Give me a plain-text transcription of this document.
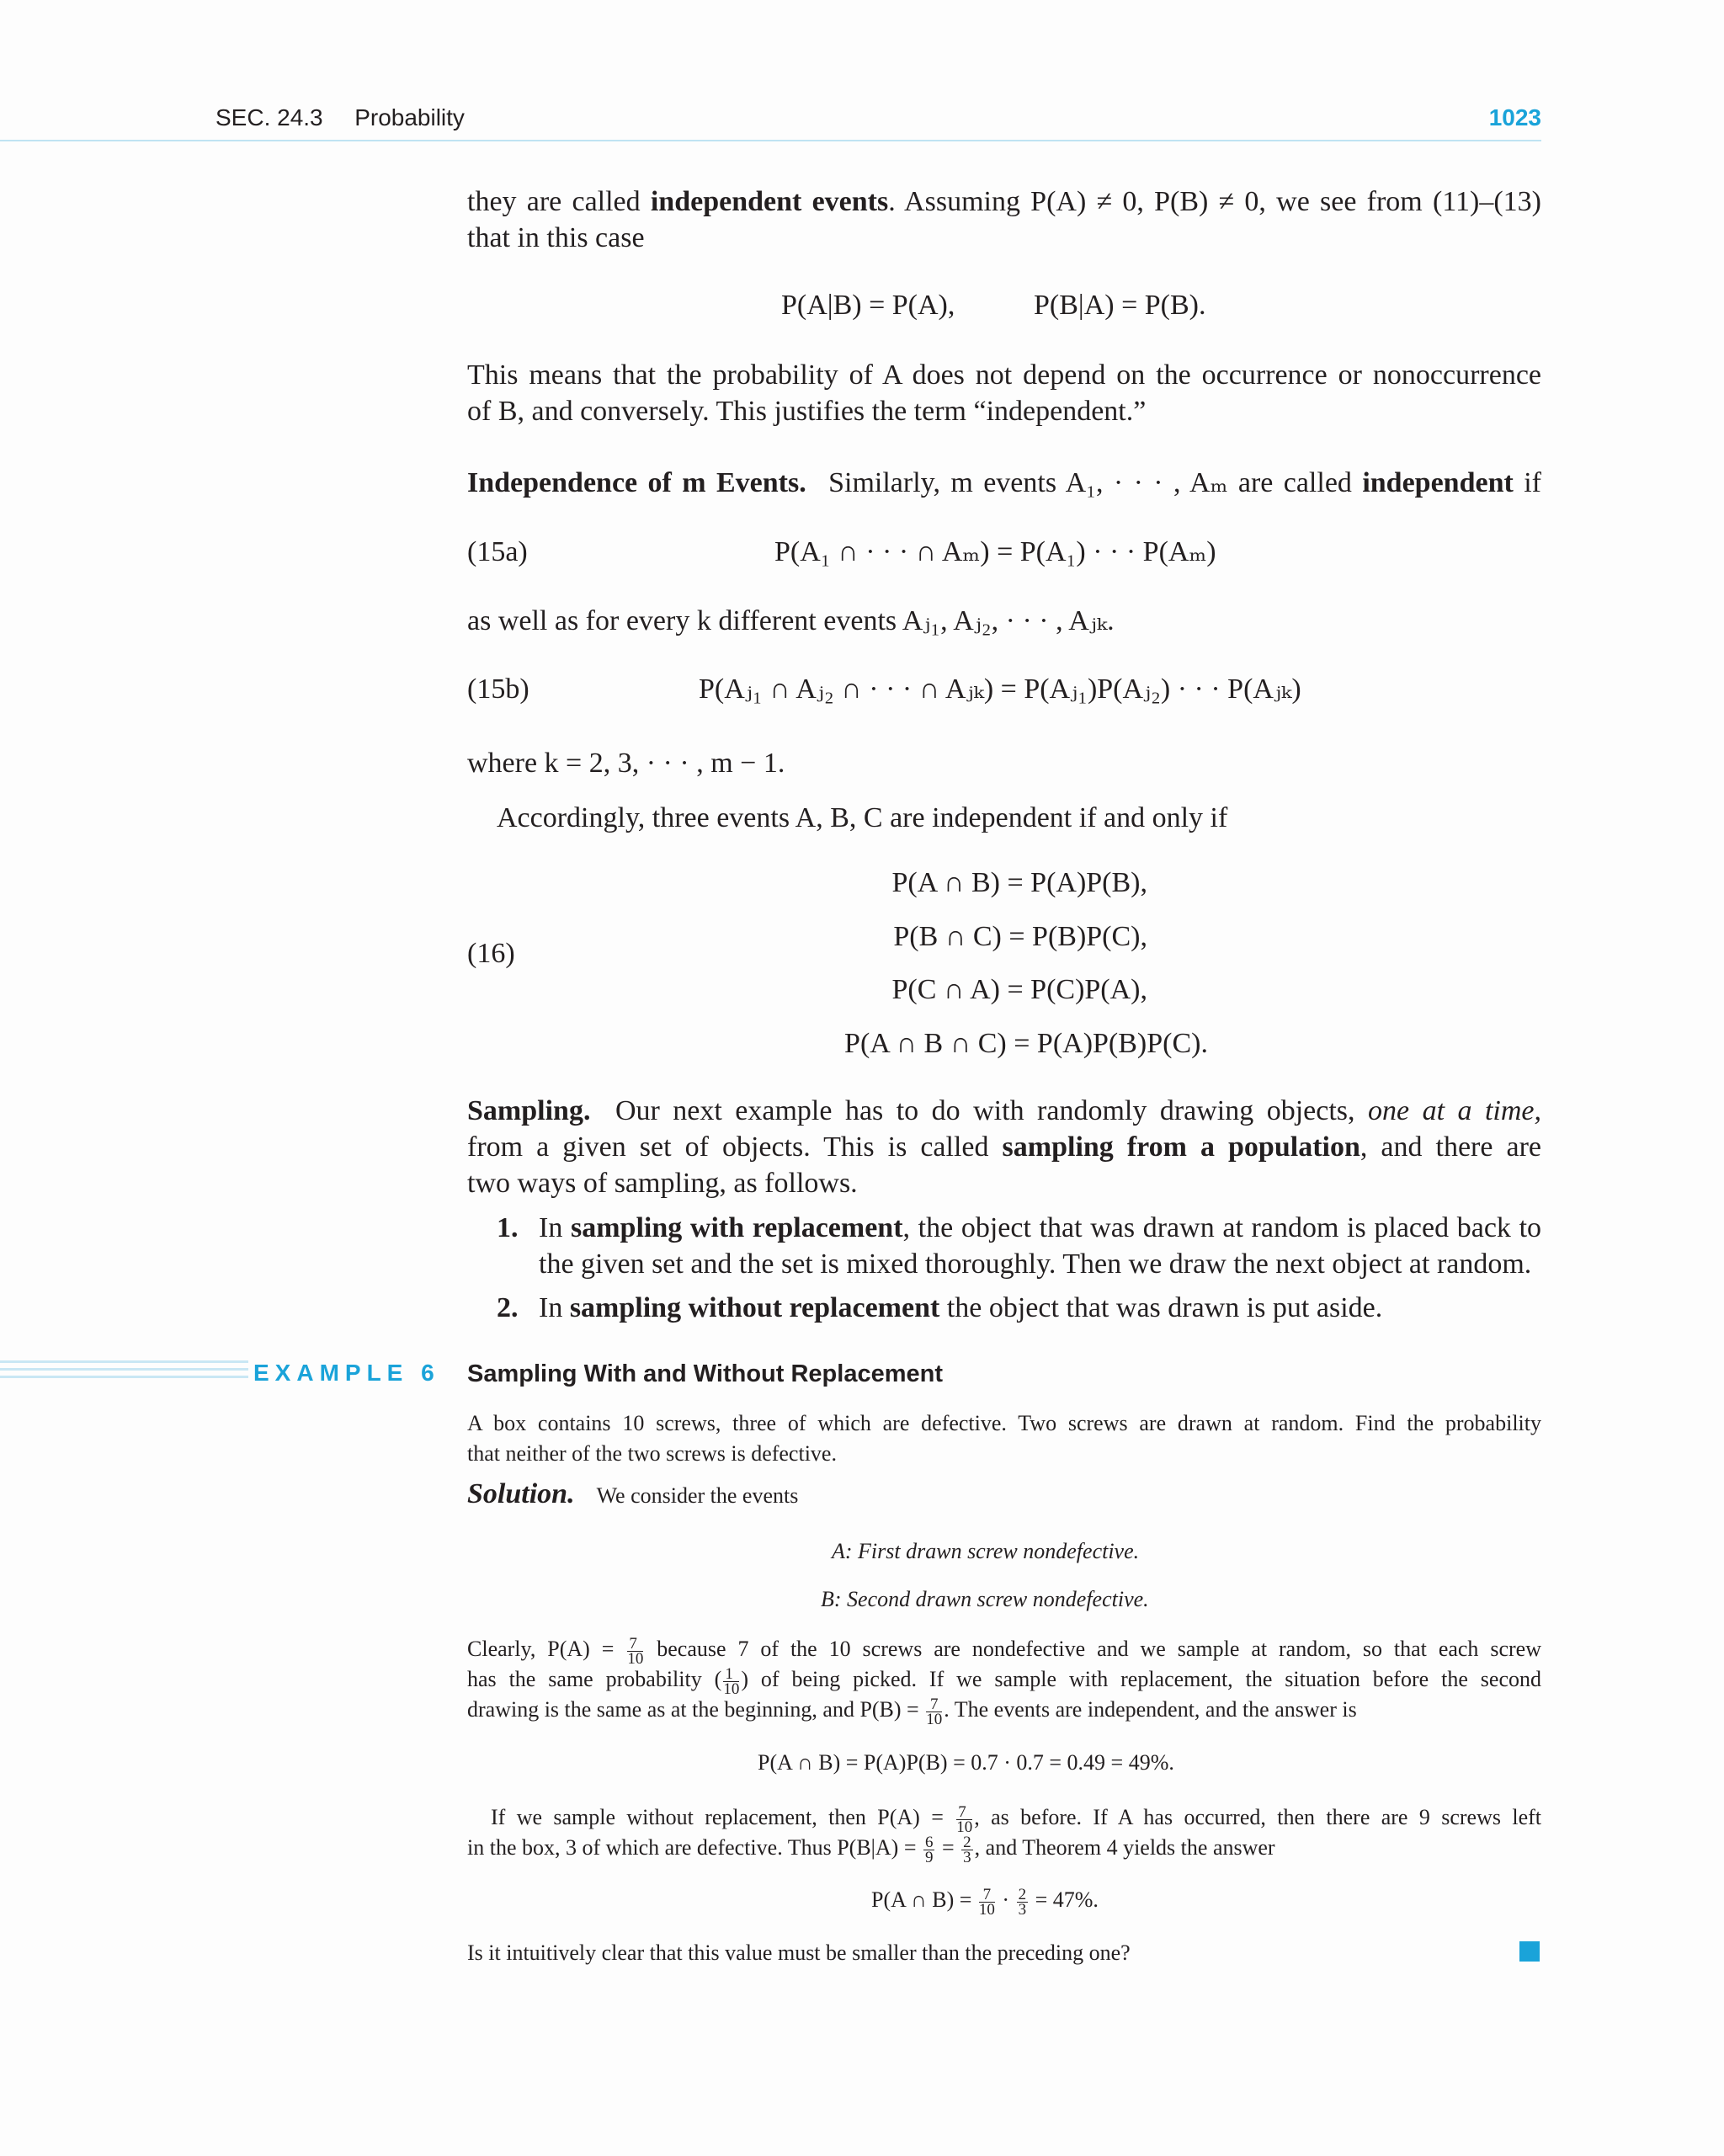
SEC. 24.3 Probability	1023
they are called independent events. Assuming P(A) ≠ 0, P(B) ≠ 0, we see from (11)–(13)
that in this case
P(A|B) = P(A),	P(B|A) = P(B).
This means that the probability of A does not depend on the occurrence or nonoccurrence
of B, and conversely. This justifies the term “independent.”
Independence of m Events. Similarly, m events A₁, · · · , Aₘ are called independent if
(15a)	P(A₁ ∩ · · · ∩ Aₘ) = P(A₁) · · · P(Aₘ)
as well as for every k different events Aⱼ₁, Aⱼ₂, · · · , Aⱼₖ.
(15b)	P(Aⱼ₁ ∩ Aⱼ₂ ∩ · · · ∩ Aⱼₖ) = P(Aⱼ₁)P(Aⱼ₂) · · · P(Aⱼₖ)
where k = 2, 3, · · · , m − 1.
Accordingly, three events A, B, C are independent if and only if
(16)
P(A ∩ B) = P(A)P(B),
P(B ∩ C) = P(B)P(C),
P(C ∩ A) = P(C)P(A),
P(A ∩ B ∩ C) = P(A)P(B)P(C).
Sampling. Our next example has to do with randomly drawing objects, one at a time,
from a given set of objects. This is called sampling from a population, and there are
two ways of sampling, as follows.
1. In sampling with replacement, the object that was drawn at random is placed back to
the given set and the set is mixed thoroughly. Then we draw the next object at random.
2. In sampling without replacement the object that was drawn is put aside.
EXAMPLE 6 Sampling With and Without Replacement
A box contains 10 screws, three of which are defective. Two screws are drawn at random. Find the probability
that neither of the two screws is defective.
Solution. We consider the events
A: First drawn screw nondefective.
B: Second drawn screw nondefective.
Clearly, $P(A) = \frac{7}{10}$ because 7 of the 10 screws are nondefective and we sample at random, so that each screw
has the same probability ( $\frac{1}{10}$ ) of being picked. If we sample with replacement, the situation before the second
drawing is the same as at the beginning, and $P(B) = \frac{7}{10}$ . The events are independent, and the answer is
P(A ∩ B) = P(A)P(B) = 0.7 · 0.7 = 0.49 = 49%.
If we sample without replacement, then $P(A) = \frac{7}{10}$ , as before. If A has occurred, then there are 9 screws left
in the box, 3 of which are defective. Thus $P(B|A) = \frac{6}{9} = \frac{2}{3}$ , and Theorem 4 yields the answer
P(A ∩ $B) = \frac{7}{10} \cdot \frac{2}{3} = 47\%$.
Is it intuitively clear that this value must be smaller than the preceding one?
